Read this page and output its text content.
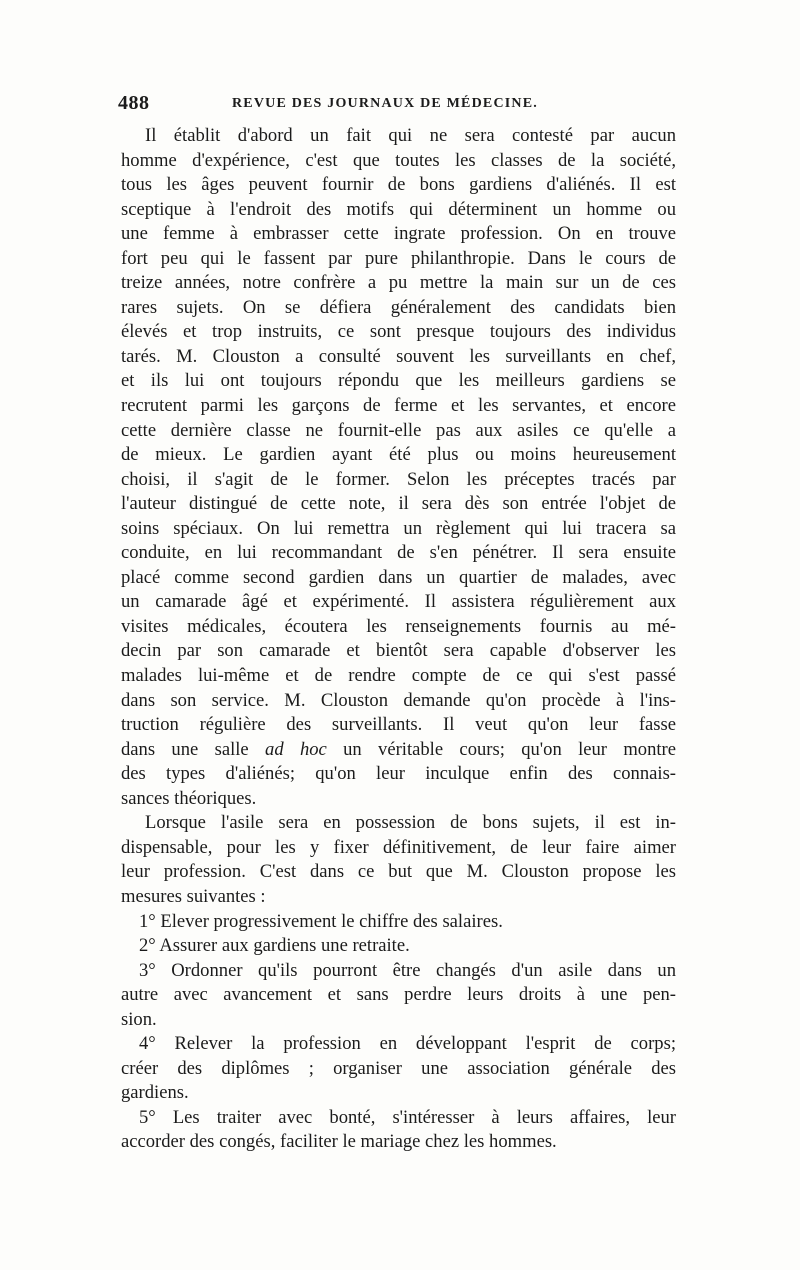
488	REVUE DES JOURNAUX DE MÉDECINE.
Il établit d'abord un fait qui ne sera contesté par aucun
homme d'expérience, c'est que toutes les classes de la société,
tous les âges peuvent fournir de bons gardiens d'aliénés. Il est
sceptique à l'endroit des motifs qui déterminent un homme ou
une femme à embrasser cette ingrate profession. On en trouve
fort peu qui le fassent par pure philanthropie. Dans le cours de
treize années, notre confrère a pu mettre la main sur un de ces
rares sujets. On se défiera généralement des candidats bien
élevés et trop instruits, ce sont presque toujours des individus
tarés. M. Clouston a consulté souvent les surveillants en chef,
et ils lui ont toujours répondu que les meilleurs gardiens se
recrutent parmi les garçons de ferme et les servantes, et encore
cette dernière classe ne fournit-elle pas aux asiles ce qu'elle a
de mieux. Le gardien ayant été plus ou moins heureusement
choisi, il s'agit de le former. Selon les préceptes tracés par
l'auteur distingué de cette note, il sera dès son entrée l'objet de
soins spéciaux. On lui remettra un règlement qui lui tracera sa
conduite, en lui recommandant de s'en pénétrer. Il sera ensuite
placé comme second gardien dans un quartier de malades, avec
un camarade âgé et expérimenté. Il assistera régulièrement aux
visites médicales, écoutera les renseignements fournis au mé-
decin par son camarade et bientôt sera capable d'observer les
malades lui-même et de rendre compte de ce qui s'est passé
dans son service. M. Clouston demande qu'on procède à l'ins-
truction régulière des surveillants. Il veut qu'on leur fasse
dans une salle ad hoc un véritable cours; qu'on leur montre
des types d'aliénés; qu'on leur inculque enfin des connais-
sances théoriques.
Lorsque l'asile sera en possession de bons sujets, il est in-
dispensable, pour les y fixer définitivement, de leur faire aimer
leur profession. C'est dans ce but que M. Clouston propose les
mesures suivantes :
1° Elever progressivement le chiffre des salaires.
2° Assurer aux gardiens une retraite.
3° Ordonner qu'ils pourront être changés d'un asile dans un
autre avec avancement et sans perdre leurs droits à une pen-
sion.
4° Relever la profession en développant l'esprit de corps;
créer des diplômes ; organiser une association générale des
gardiens.
5° Les traiter avec bonté, s'intéresser à leurs affaires, leur
accorder des congés, faciliter le mariage chez les hommes.
